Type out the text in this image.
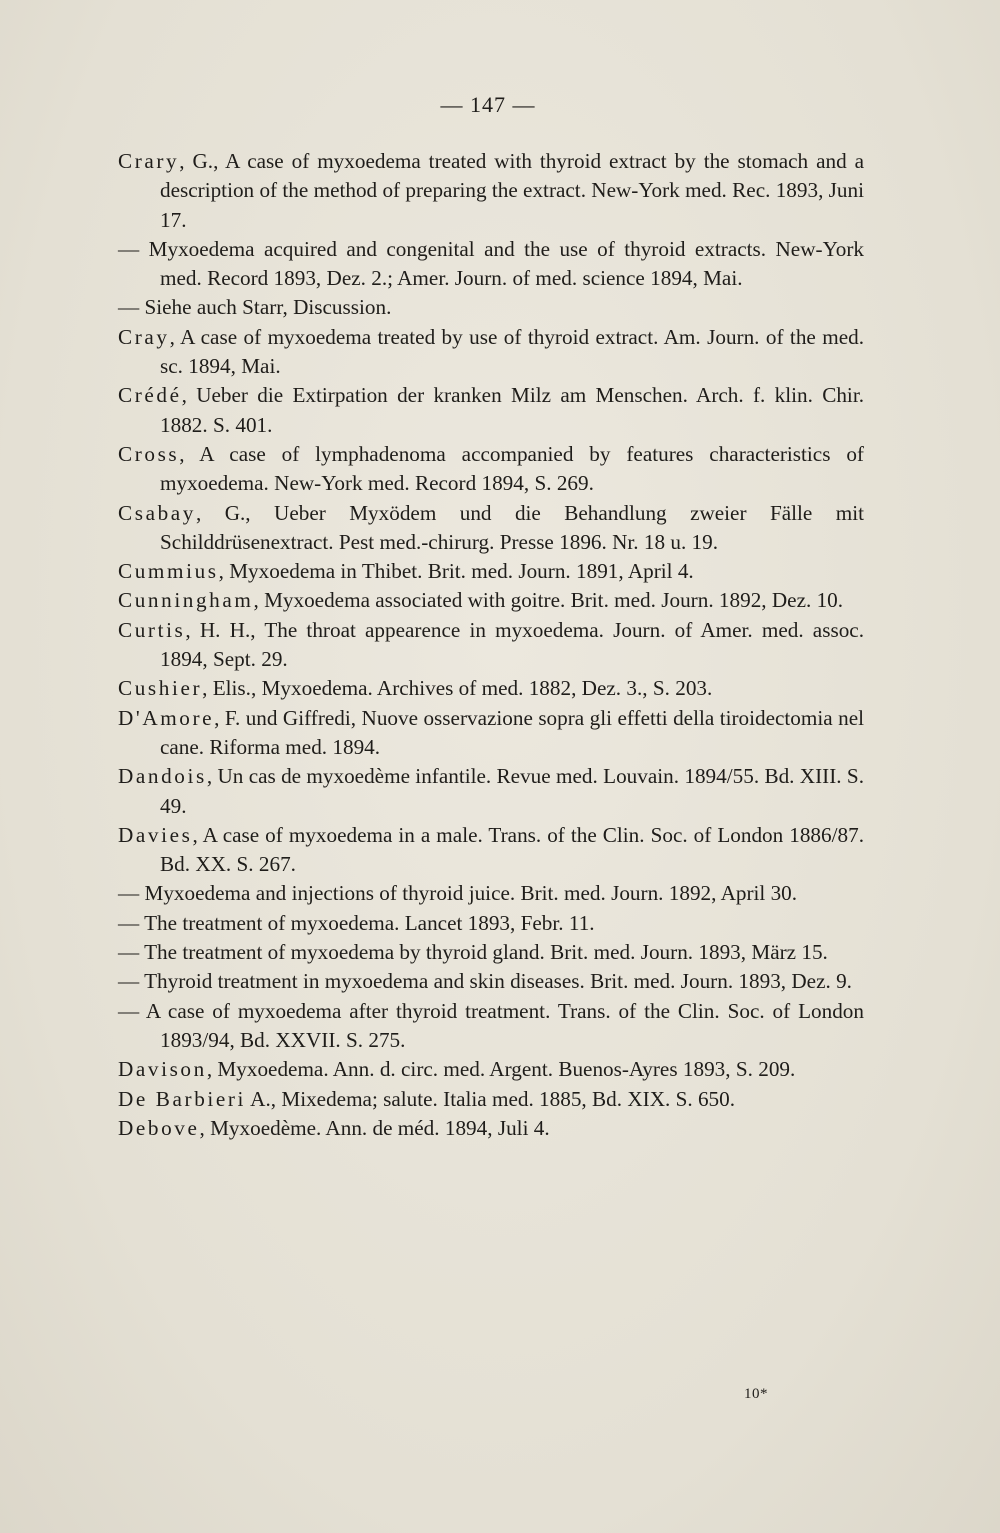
— 147 —
Crary, G., A case of myxoedema treated with thyroid extract by the stomach and a description of the method of preparing the extract. New-York med. Rec. 1893, Juni 17.
— Myxoedema acquired and congenital and the use of thyroid extracts. New-York med. Record 1893, Dez. 2.; Amer. Journ. of med. science 1894, Mai.
— Siehe auch Starr, Discussion.
Cray, A case of myxoedema treated by use of thyroid extract. Am. Journ. of the med. sc. 1894, Mai.
Crédé, Ueber die Extirpation der kranken Milz am Menschen. Arch. f. klin. Chir. 1882. S. 401.
Cross, A case of lymphadenoma accompanied by features characteristics of myxoedema. New-York med. Record 1894, S. 269.
Csabay, G., Ueber Myxödem und die Behandlung zweier Fälle mit Schilddrüsenextract. Pest med.-chirurg. Presse 1896. Nr. 18 u. 19.
Cummius, Myxoedema in Thibet. Brit. med. Journ. 1891, April 4.
Cunningham, Myxoedema associated with goitre. Brit. med. Journ. 1892, Dez. 10.
Curtis, H. H., The throat appearence in myxoedema. Journ. of Amer. med. assoc. 1894, Sept. 29.
Cushier, Elis., Myxoedema. Archives of med. 1882, Dez. 3., S. 203.
D'Amore, F. und Giffredi, Nuove osservazione sopra gli effetti della tiroidectomia nel cane. Riforma med. 1894.
Dandois, Un cas de myxoedème infantile. Revue med. Louvain. 1894/55. Bd. XIII. S. 49.
Davies, A case of myxoedema in a male. Trans. of the Clin. Soc. of London 1886/87. Bd. XX. S. 267.
— Myxoedema and injections of thyroid juice. Brit. med. Journ. 1892, April 30.
— The treatment of myxoedema. Lancet 1893, Febr. 11.
— The treatment of myxoedema by thyroid gland. Brit. med. Journ. 1893, März 15.
— Thyroid treatment in myxoedema and skin diseases. Brit. med. Journ. 1893, Dez. 9.
— A case of myxoedema after thyroid treatment. Trans. of the Clin. Soc. of London 1893/94, Bd. XXVII. S. 275.
Davison, Myxoedema. Ann. d. circ. med. Argent. Buenos-Ayres 1893, S. 209.
De Barbieri A., Mixedema; salute. Italia med. 1885, Bd. XIX. S. 650.
Debove, Myxoedème. Ann. de méd. 1894, Juli 4.
10*
